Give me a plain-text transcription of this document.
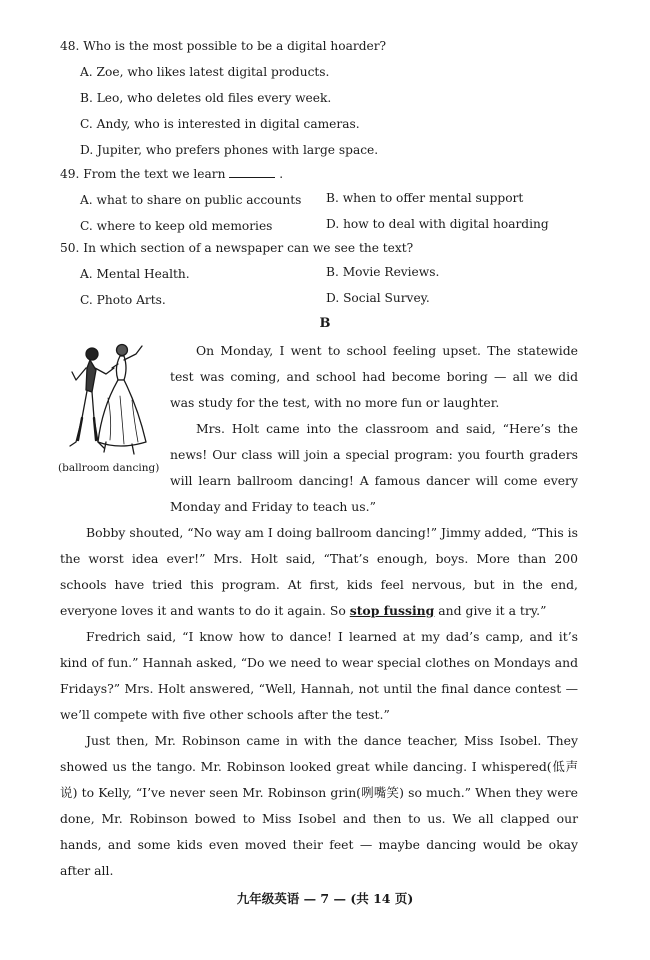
48. Who is the most possible to be a digital hoarder?
A. Zoe, who likes latest digital products.
B. Leo, who deletes old files every week.
C. Andy, who is interested in digital cameras.
D. Jupiter, who prefers phones with large space.
49. From the text we learn	.
A. what to share on public accounts B. when to offer mental support
C. where to keep old memories	D. how to deal with digital hoarding
50. In which section of a newspaper can we see the text?
A. Mental Health.	B. Movie Reviews.
C. Photo Arts.	D. Social Survey.
B
(ballroom dancing)

On Monday, I went to school feeling upset. The statewide test was coming, and school had become boring — all we did was study for the test, with no more fun or laughter.

Mrs. Holt came into the classroom and said, “Here’s the news! Our class will join a special program: you fourth graders will learn ballroom dancing! A famous dancer will come every Monday and Friday to teach us.”

Bobby shouted, “No way am I doing ballroom dancing!” Jimmy added, “This is the worst idea ever!” Mrs. Holt said, “That’s enough, boys. More than 200 schools have tried this program. At first, kids feel nervous, but in the end, everyone loves it and wants to do it again. So stop fussing and give it a try.”

Fredrich said, “I know how to dance! I learned at my dad’s camp, and it’s kind of fun.” Hannah asked, “Do we need to wear special clothes on Mondays and Fridays?” Mrs. Holt answered, “Well, Hannah, not until the final dance contest — we’ll compete with five other schools after the test.”

Just then, Mr. Robinson came in with the dance teacher, Miss Isobel. They showed us the tango. Mr. Robinson looked great while dancing. I whispered(低声说) to Kelly, “I’ve never seen Mr. Robinson grin(咧嘴笑) so much.” When they were done, Mr. Robinson bowed to Miss Isobel and then to us. We all clapped our hands, and some kids even moved their feet — maybe dancing would be okay after all.

九年级英语 — 7 — (共 14 页)
